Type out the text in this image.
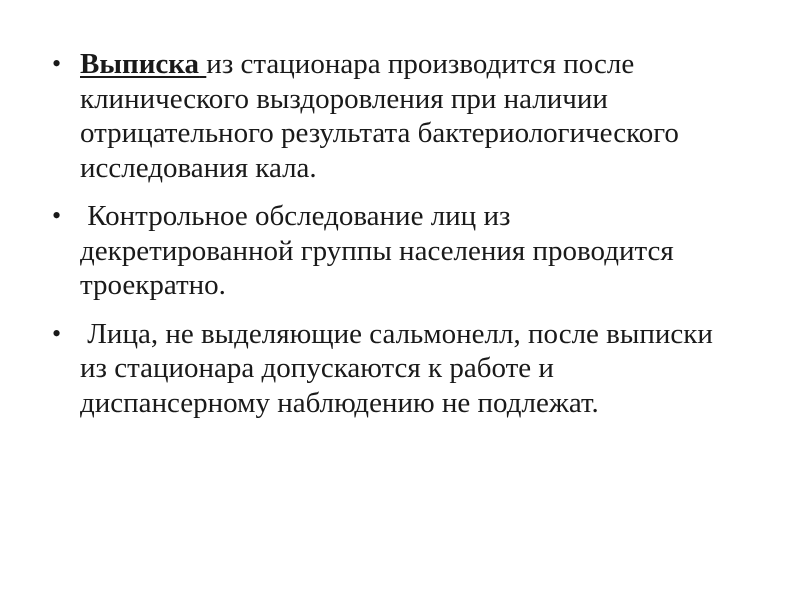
• Выписка из стационара производится после клинического выздоровления при наличии отрицательного результата бактериологического исследования кала.
• Контрольное обследование лиц из декретированной группы населения проводится троекратно.
• Лица, не выделяющие сальмонелл, после выписки из стационара допускаются к работе и диспансерному наблюдению не подлежат.
